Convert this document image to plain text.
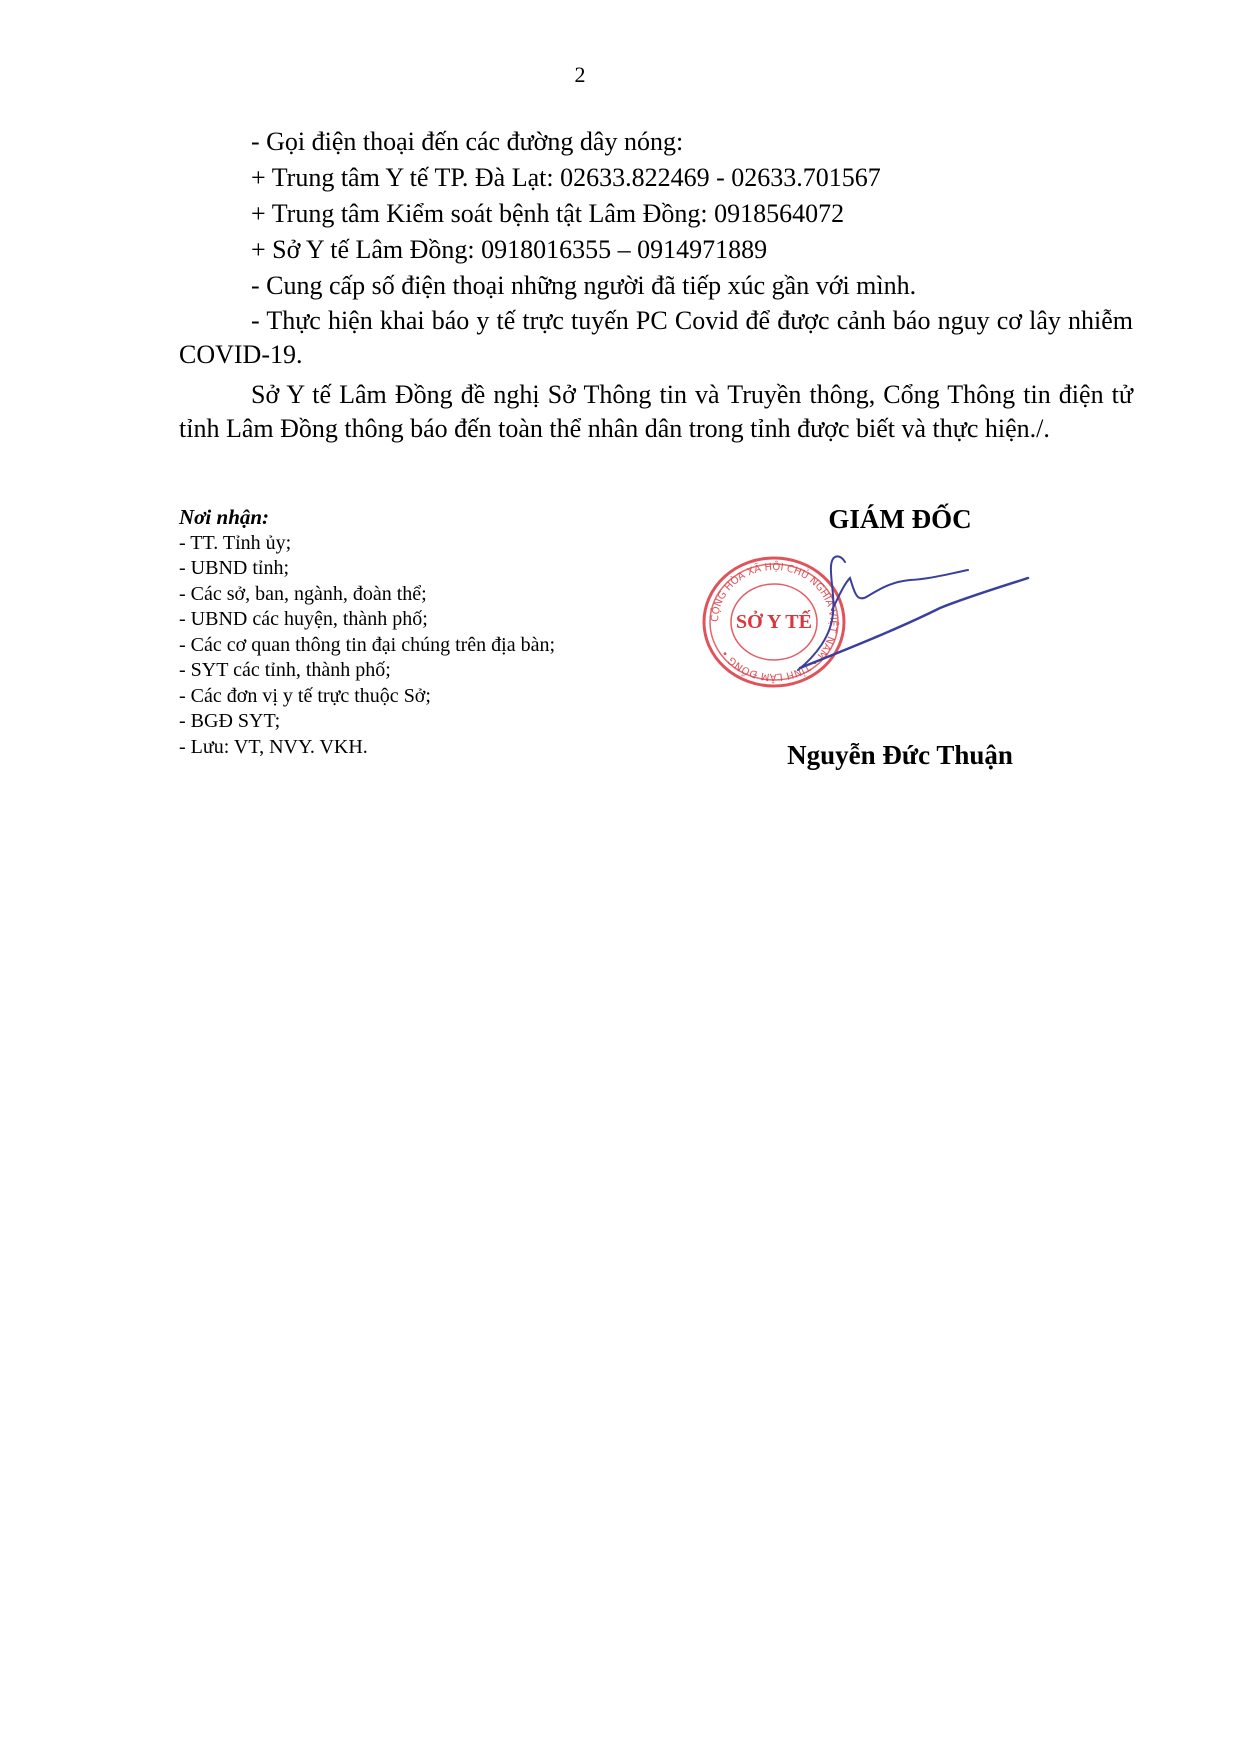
2

- Gọi điện thoại đến các đường dây nóng:

+ Trung tâm Y tế TP. Đà Lạt: 02633.822469 - 02633.701567

+ Trung tâm Kiểm soát bệnh tật Lâm Đồng: 0918564072

+ Sở Y tế Lâm Đồng: 0918016355 – 0914971889

- Cung cấp số điện thoại những người đã tiếp xúc gần với mình.

- Thực hiện khai báo y tế trực tuyến PC Covid để được cảnh báo nguy cơ lây nhiễm COVID-19.

Sở Y tế Lâm Đồng đề nghị Sở Thông tin và Truyền thông, Cổng Thông tin điện tử tỉnh Lâm Đồng thông báo đến toàn thể nhân dân trong tỉnh được biết và thực hiện./.

Nơi nhận:
- TT. Tỉnh ủy;
- UBND tỉnh;
- Các sở, ban, ngành, đoàn thể;
- UBND các huyện, thành phố;
- Các cơ quan thông tin đại chúng trên địa bàn;
- SYT các tỉnh, thành phố;
- Các đơn vị y tế trực thuộc Sở;
- BGĐ SYT;
- Lưu: VT, NVY. VKH.
GIÁM ĐỐC
CỘNG HÒA XÃ HỘI CHỦ NGHĨA VIỆT NAM • TỈNH LÂM ĐỒNG •
SỞ Y TẾ
Nguyễn Đức Thuận
